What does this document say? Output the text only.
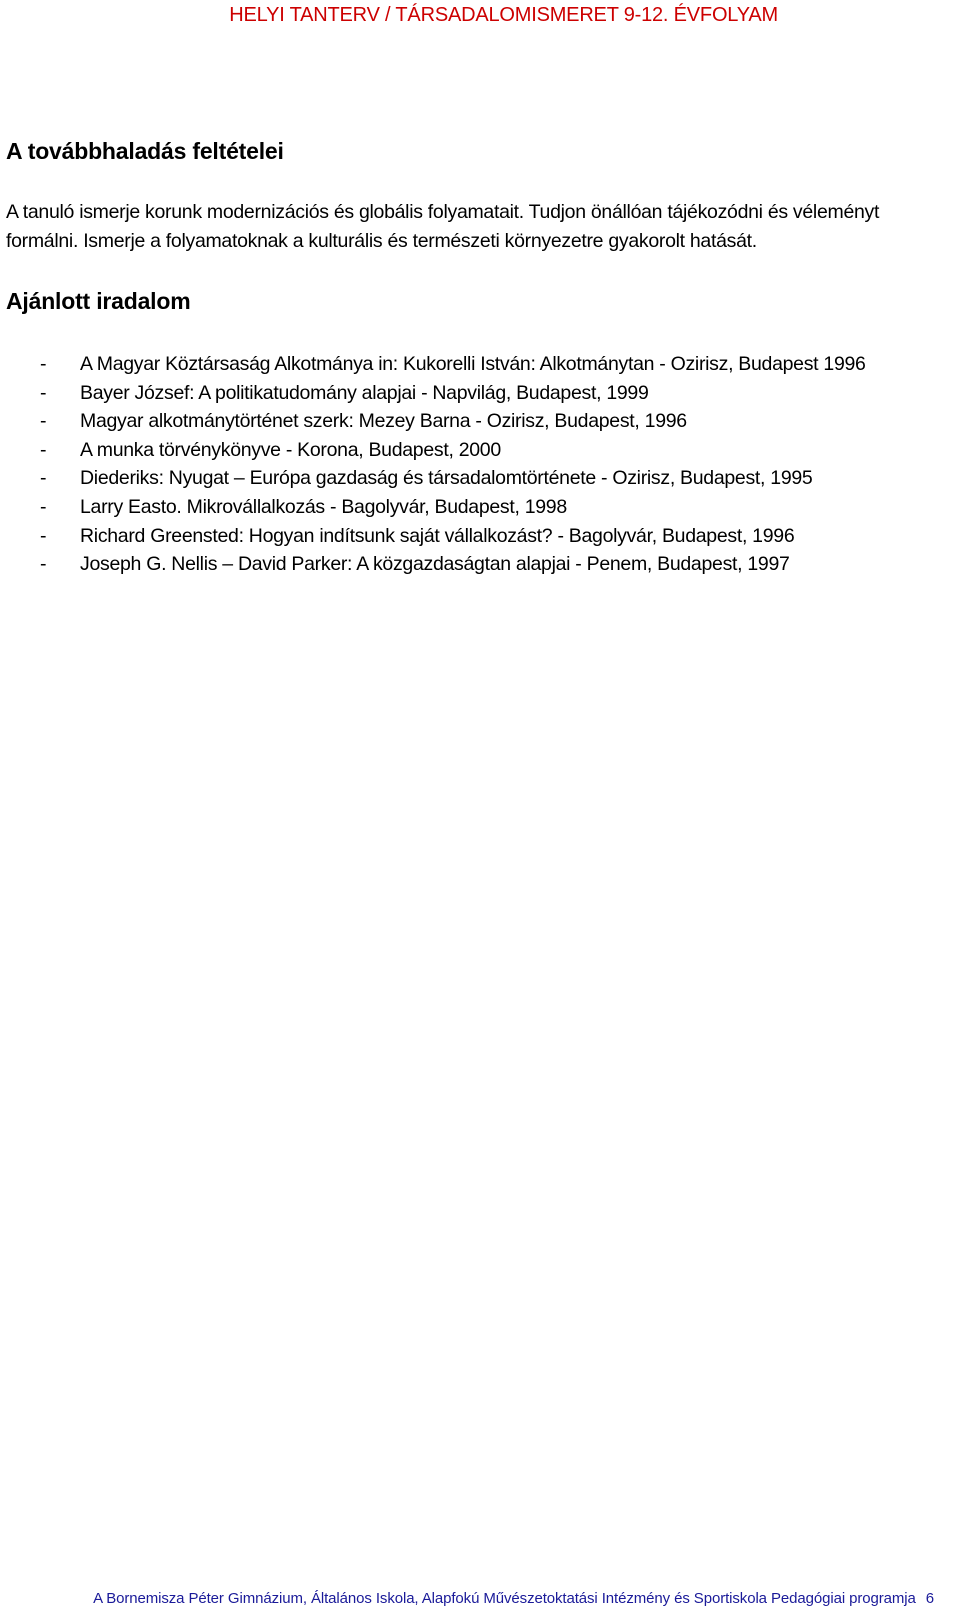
HELYI TANTERV / TÁRSADALOMISMERET 9-12. ÉVFOLYAM
A továbbhaladás feltételei

A tanuló ismerje korunk modernizációs és globális folyamatait. Tudjon önállóan tájékozódni és véleményt formálni. Ismerje a folyamatoknak a kulturális és természeti környezetre gyakorolt hatását.

Ajánlott iradalom
- A Magyar Köztársaság Alkotmánya in: Kukorelli István: Alkotmánytan - Ozirisz, Budapest 1996
- Bayer József: A politikatudomány alapjai - Napvilág, Budapest, 1999
- Magyar alkotmánytörténet szerk: Mezey Barna - Ozirisz, Budapest, 1996
- A munka törvénykönyve - Korona, Budapest, 2000
- Diederiks: Nyugat – Európa gazdaság és társadalomtörténete - Ozirisz, Budapest, 1995
- Larry Easto. Mikrovállalkozás - Bagolyvár, Budapest, 1998
- Richard Greensted: Hogyan indítsunk saját vállalkozást? - Bagolyvár, Budapest, 1996
- Joseph G. Nellis – David Parker: A közgazdaságtan alapjai - Penem, Budapest, 1997
A Bornemisza Péter Gimnázium, Általános Iskola, Alapfokú Művészetoktatási Intézmény és Sportiskola Pedagógiai programja 6
